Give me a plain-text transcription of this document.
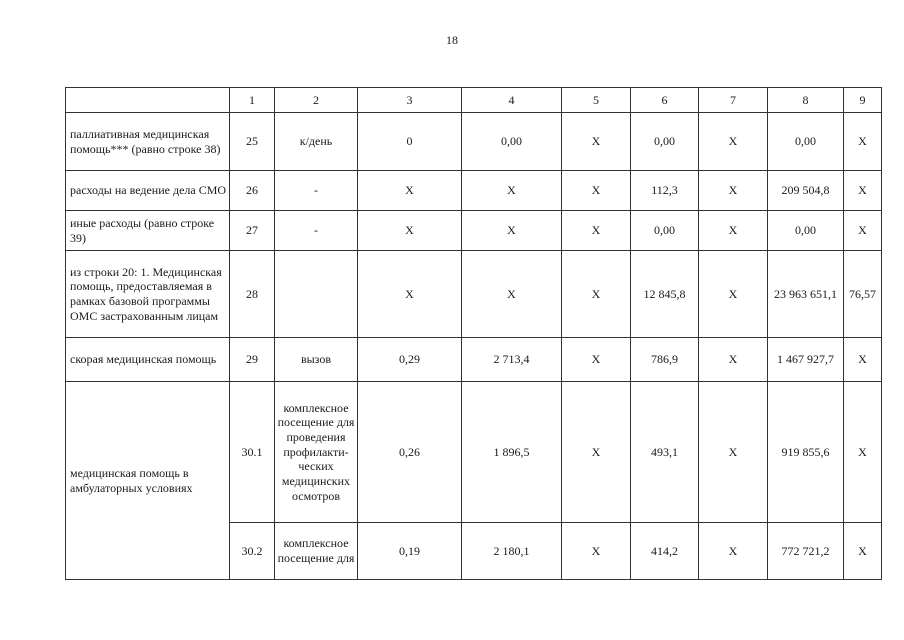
18
	1	2	3	4	5	6	7	8	9
паллиативная медицинская помощь*** (равно строке 38)	25	к/день	0	0,00	X	0,00	X	0,00	X
расходы на ведение дела СМО	26	-	X	X	X	112,3	X	209 504,8	X
иные расходы (равно строке 39)	27	-	X	X	X	0,00	X	0,00	X
из строки 20: 1. Медицинская помощь, предоставляемая в рамках базовой программы ОМС застрахованным лицам	28		X	X	X	12 845,8	X	23 963 651,1	76,57
скорая медицинская помощь	29	вызов	0,29	2 713,4	X	786,9	X	1 467 927,7	X
медицинская помощь в амбулаторных условиях	30.1	комплексное посещение для проведения профилакти-ческих медицинских осмотров	0,26	1 896,5	X	493,1	X	919 855,6	X
	30.2	комплексное посещение для	0,19	2 180,1	X	414,2	X	772 721,2	X
